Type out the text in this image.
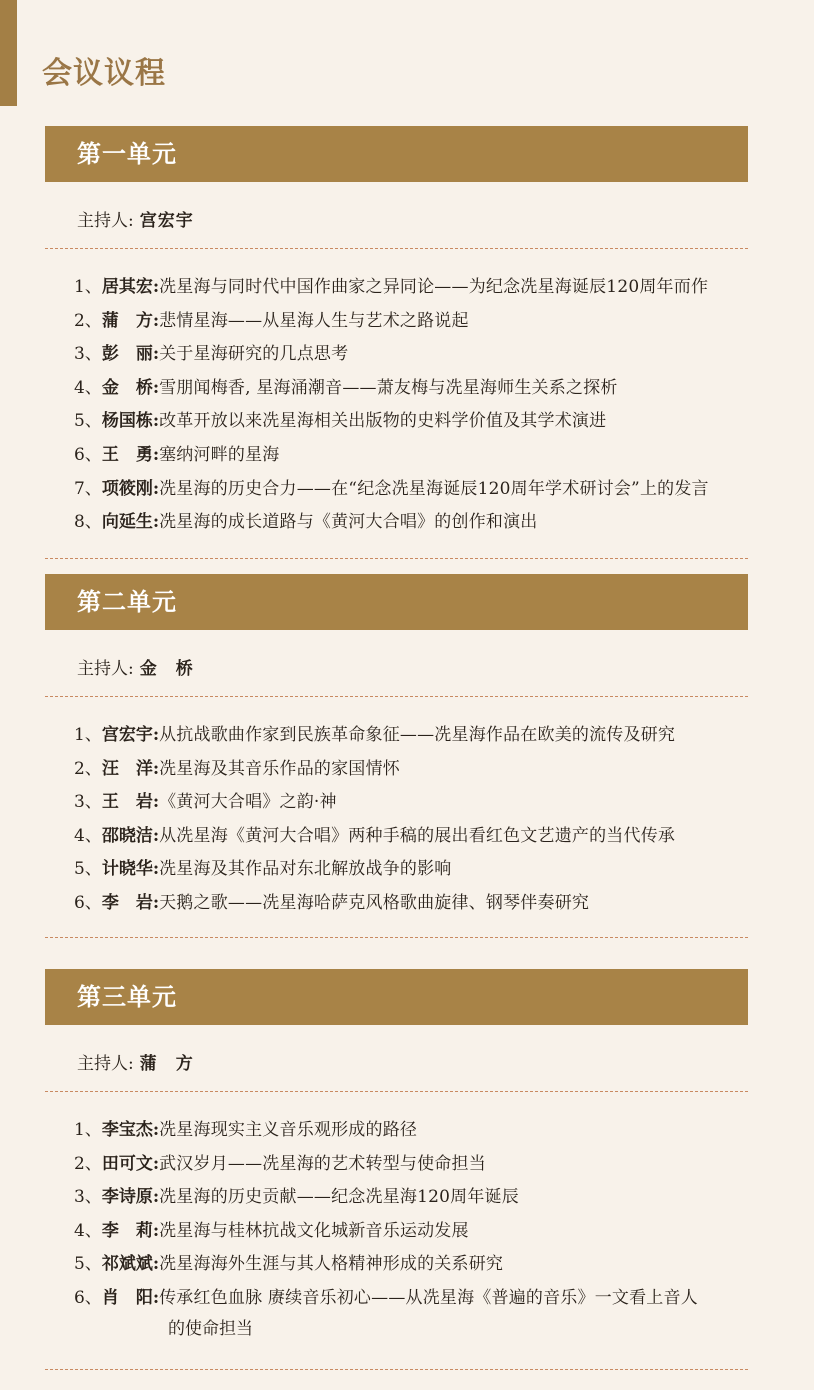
会议议程
第一单元
主持人: 宫宏宇
1、居其宏:冼星海与同时代中国作曲家之异同论——为纪念冼星海诞辰120周年而作
2、蒲　方:悲情星海——从星海人生与艺术之路说起
3、彭　丽:关于星海研究的几点思考
4、金　桥:雪朋闻梅香, 星海涌潮音——萧友梅与冼星海师生关系之探析
5、杨国栋:改革开放以来冼星海相关出版物的史料学价值及其学术演进
6、王　勇:塞纳河畔的星海
7、项筱刚:冼星海的历史合力——在“纪念冼星海诞辰120周年学术研讨会”上的发言
8、向延生:冼星海的成长道路与《黄河大合唱》的创作和演出
第二单元
主持人: 金　桥
1、宫宏宇:从抗战歌曲作家到民族革命象征——冼星海作品在欧美的流传及研究
2、汪　洋:冼星海及其音乐作品的家国情怀
3、王　岩:《黄河大合唱》之韵·神
4、邵晓洁:从冼星海《黄河大合唱》两种手稿的展出看红色文艺遗产的当代传承
5、计晓华:冼星海及其作品对东北解放战争的影响
6、李　岩:天鹅之歌——冼星海哈萨克风格歌曲旋律、钢琴伴奏研究
第三单元
主持人: 蒲　方
1、李宝杰:冼星海现实主义音乐观形成的路径
2、田可文:武汉岁月——冼星海的艺术转型与使命担当
3、李诗原:冼星海的历史贡献——纪念冼星海120周年诞辰
4、李　莉:冼星海与桂林抗战文化城新音乐运动发展
5、祁斌斌:冼星海海外生涯与其人格精神形成的关系研究
6、肖　阳:传承红色血脉 赓续音乐初心——从冼星海《普遍的音乐》一文看上音人
的使命担当
